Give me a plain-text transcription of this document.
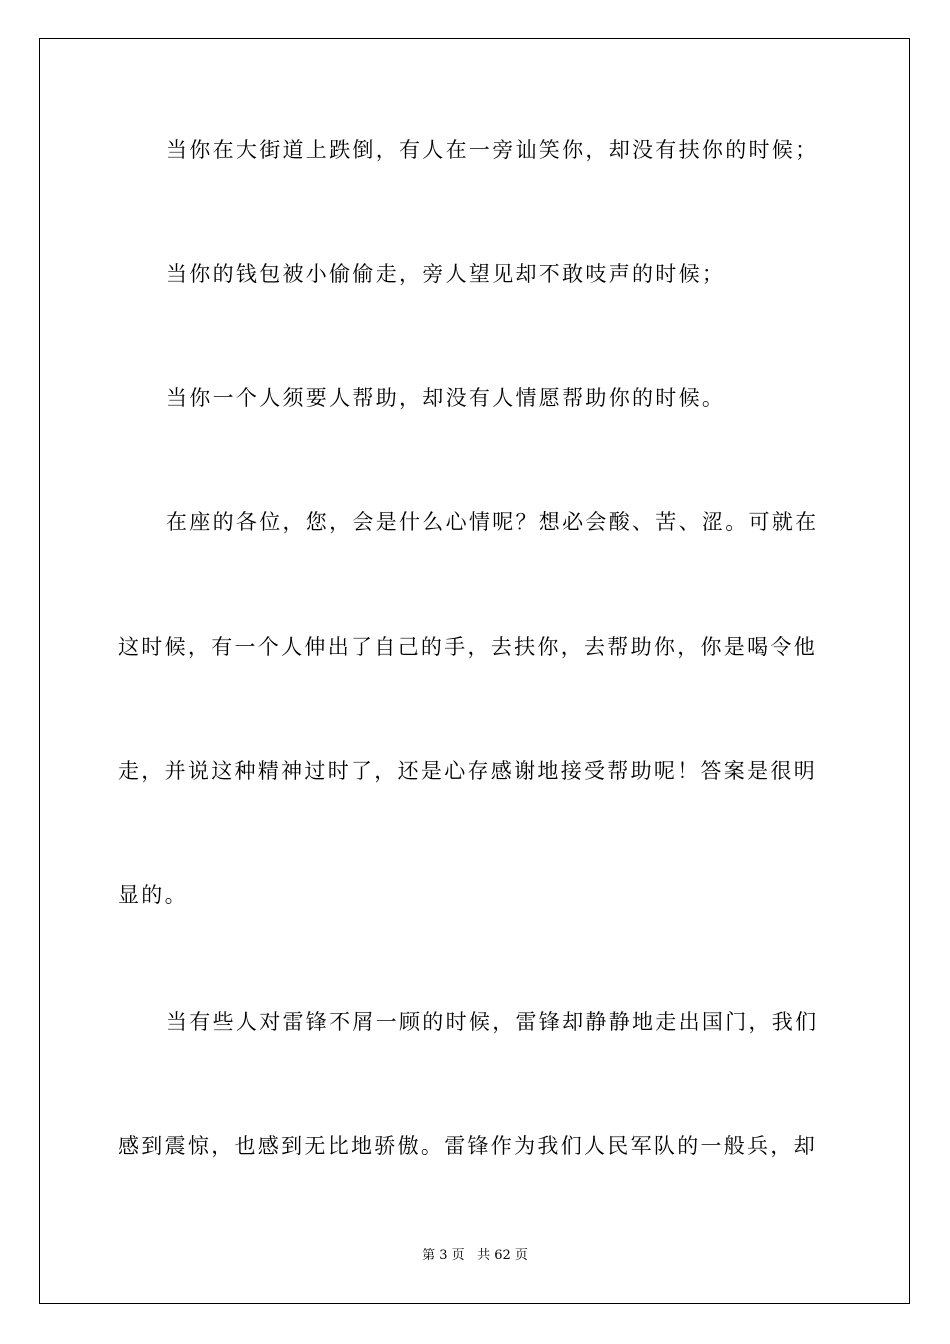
当你在大街道上跌倒，有人在一旁讪笑你，却没有扶你的时候；
当你的钱包被小偷偷走，旁人望见却不敢吱声的时候；
当你一个人须要人帮助，却没有人情愿帮助你的时候。
在座的各位，您，会是什么心情呢？想必会酸、苦、涩。可就在
这时候，有一个人伸出了自己的手，去扶你，去帮助你，你是喝令他
走，并说这种精神过时了，还是心存感谢地接受帮助呢！答案是很明
显的。
当有些人对雷锋不屑一顾的时候，雷锋却静静地走出国门，我们
感到震惊，也感到无比地骄傲。雷锋作为我们人民军队的一般兵，却
第 3 页 共 62 页
